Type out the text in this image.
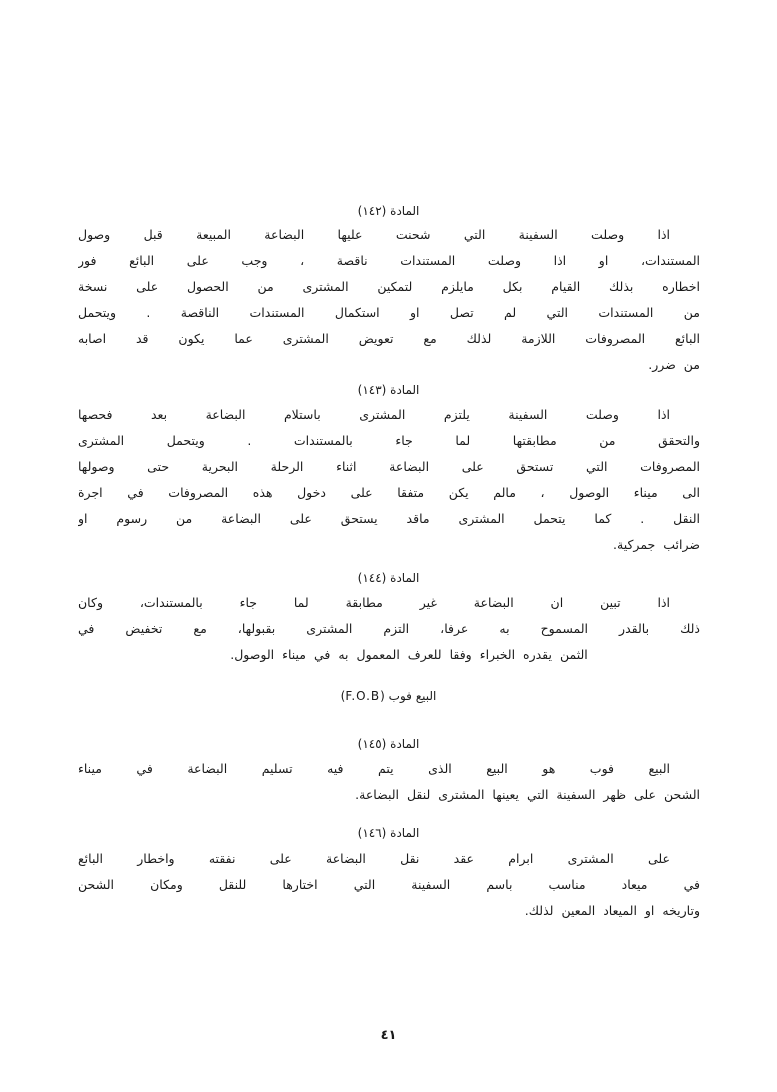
المادة (١٤٢)
اذا وصلت السفينة التي شحنت عليها البضاعة المبيعة قبل وصول
المستندات، او اذا وصلت المستندات ناقصة ، وجب على البائع فور
اخطاره بذلك القيام بكل مايلزم لتمكين المشترى من الحصول على نسخة
من المستندات التي لم تصل او استكمال المستندات الناقصة . ويتحمل
البائع المصروفات اللازمة لذلك مع تعويض المشترى عما يكون قد اصابه
من ضرر.
المادة (١٤٣)
اذا وصلت السفينة يلتزم المشترى باستلام البضاعة بعد فحصها
والتحقق من مطابقتها لما جاء بالمستندات . ويتحمل المشترى
المصروفات التي تستحق على البضاعة اثناء الرحلة البحرية حتى وصولها
الى ميناء الوصول ، مالم يكن متفقا على دخول هذه المصروفات في اجرة
النقل . كما يتحمل المشترى ماقد يستحق على البضاعة من رسوم او
ضرائب جمركية.
المادة (١٤٤)
اذا تبين ان البضاعة غير مطابقة لما جاء بالمستندات، وكان
ذلك بالقدر المسموح به عرفا، التزم المشترى بقبولها، مع تخفيض في
الثمن يقدره الخبراء وفقا للعرف المعمول به في ميناء الوصول.
البيع فوب (F.O.B)
المادة (١٤٥)
البيع فوب هو البيع الذى يتم فيه تسليم البضاعة في ميناء
الشحن على ظهر السفينة التي يعينها المشترى لنقل البضاعة.
المادة (١٤٦)
على المشترى ابرام عقد نقل البضاعة على نفقته واخطار البائع
في ميعاد مناسب باسم السفينة التي اختارها للنقل ومكان الشحن
وتاريخه او الميعاد المعين لذلك.
٤١
